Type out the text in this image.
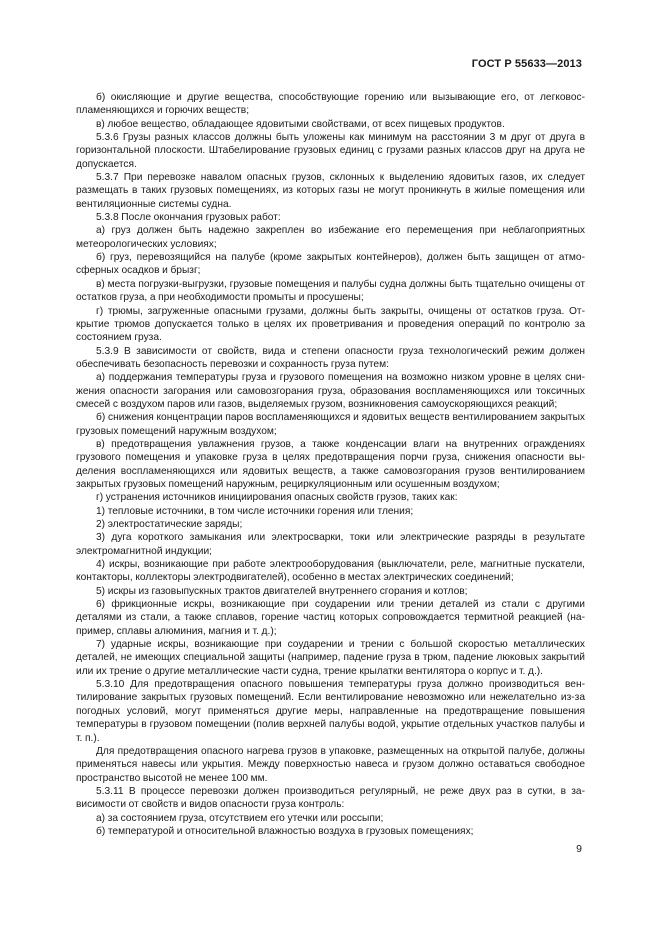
ГОСТ Р 55633—2013

б) окисляющие и другие вещества, способствующие горению или вызывающие его, от легковоспламеняющихся и горючих веществ;

в) любое вещество, обладающее ядовитыми свойствами, от всех пищевых продуктов.

5.3.6 Грузы разных классов должны быть уложены как минимум на расстоянии 3 м друг от друга в горизонтальной плоскости. Штабелирование грузовых единиц с грузами разных классов друг на друга не допускается.

5.3.7 При перевозке навалом опасных грузов, склонных к выделению ядовитых газов, их следует размещать в таких грузовых помещениях, из которых газы не могут проникнуть в жилые помещения или вентиляционные системы судна.

5.3.8 После окончания грузовых работ:

а) груз должен быть надежно закреплен во избежание его перемещения при неблагоприятных метеорологических условиях;

б) груз, перевозящийся на палубе (кроме закрытых контейнеров), должен быть защищен от атмосферных осадков и брызг;

в) места погрузки-выгрузки, грузовые помещения и палубы судна должны быть тщательно очищены от остатков груза, а при необходимости промыты и просушены;

г) трюмы, загруженные опасными грузами, должны быть закрыты, очищены от остатков груза. Открытие трюмов допускается только в целях их проветривания и проведения операций по контролю за состоянием груза.

5.3.9 В зависимости от свойств, вида и степени опасности груза технологический режим должен обеспечивать безопасность перевозки и сохранность груза путем:

а) поддержания температуры груза и грузового помещения на возможно низком уровне в целях снижения опасности загорания или самовозгорания груза, образования воспламеняющихся или токсичных смесей с воздухом паров или газов, выделяемых грузом, возникновения самоускоряющихся реакций;

б) снижения концентрации паров воспламеняющихся и ядовитых веществ вентилированием закрытых грузовых помещений наружным воздухом;

в) предотвращения увлажнения грузов, а также конденсации влаги на внутренних ограждениях грузового помещения и упаковке груза в целях предотвращения порчи груза, снижения опасности выделения воспламеняющихся или ядовитых веществ, а также самовозгорания грузов вентилированием закрытых грузовых помещений наружным, рециркуляционным или осушенным воздухом;

г) устранения источников инициирования опасных свойств грузов, таких как:

1) тепловые источники, в том числе источники горения или тления;

2) электростатические заряды;

3) дуга короткого замыкания или электросварки, токи или электрические разряды в результате электромагнитной индукции;

4) искры, возникающие при работе электрооборудования (выключатели, реле, магнитные пускатели, контакторы, коллекторы электродвигателей), особенно в местах электрических соединений;

5) искры из газовыпускных трактов двигателей внутреннего сгорания и котлов;

6) фрикционные искры, возникающие при соударении или трении деталей из стали с другими деталями из стали, а также сплавов, горение частиц которых сопровождается термитной реакцией (например, сплавы алюминия, магния и т. д.);

7) ударные искры, возникающие при соударении и трении с большой скоростью металлических деталей, не имеющих специальной защиты (например, падение груза в трюм, падение люковых закрытий или их трение о другие металлические части судна, трение крылатки вентилятора о корпус и т. д.).

5.3.10 Для предотвращения опасного повышения температуры груза должно производиться вентилирование закрытых грузовых помещений. Если вентилирование невозможно или нежелательно из-за погодных условий, могут применяться другие меры, направленные на предотвращение повышения температуры в грузовом помещении (полив верхней палубы водой, укрытие отдельных участков палубы и т. п.).

Для предотвращения опасного нагрева грузов в упаковке, размещенных на открытой палубе, должны применяться навесы или укрытия. Между поверхностью навеса и грузом должно оставаться свободное пространство высотой не менее 100 мм.

5.3.11 В процессе перевозки должен производиться регулярный, не реже двух раз в сутки, в зависимости от свойств и видов опасности груза контроль:

а) за состоянием груза, отсутствием его утечки или россыпи;

б) температурой и относительной влажностью воздуха в грузовых помещениях;

9
